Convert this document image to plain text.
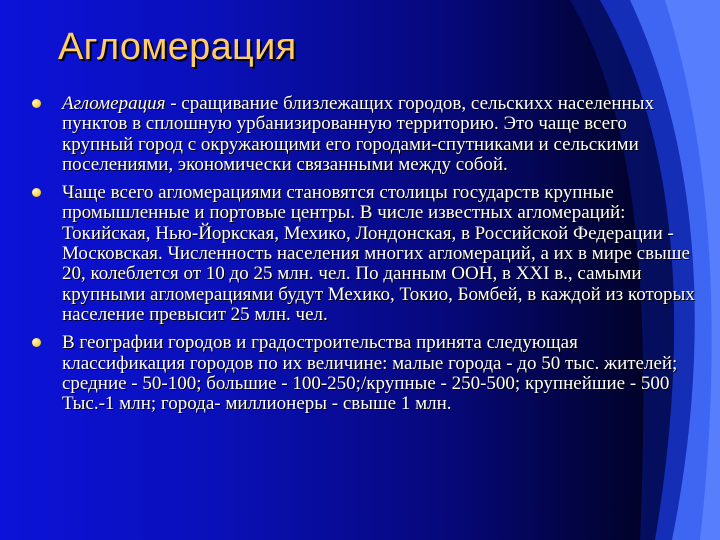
Агломерация
Агломерация - сращивание близлежащих городов, сельскихх населенных пунктов в сплошную урбанизированную территорию. Это чаще всего крупный город с окружающими его городами-спутниками и сельскими поселениями, экономически связанными между собой.
Чаще всего агломерациями становятся столицы государств крупные промышленные и портовые центры. В числе известных агломераций: Токийская, Нью-Йоркская, Мехико, Лондонская, в Российской Федерации - Московская. Численность населения многих агломераций, а их в мире свыше 20, колеблется от 10 до 25 млн. чел. По данным ООН, в XXI в., самыми крупными агломерациями будут Мехико, Токио, Бомбей, в каждой из которых население превысит 25 млн. чел.
В географии городов и градостроительства принята следующая классификация городов по их величине: малые города - до 50 тыс. жителей; средние - 50-100; большие - 100-250;/крупные - 250-500; крупнейшие - 500 Тыс.-1 млн; города- миллионеры - свыше 1 млн.
